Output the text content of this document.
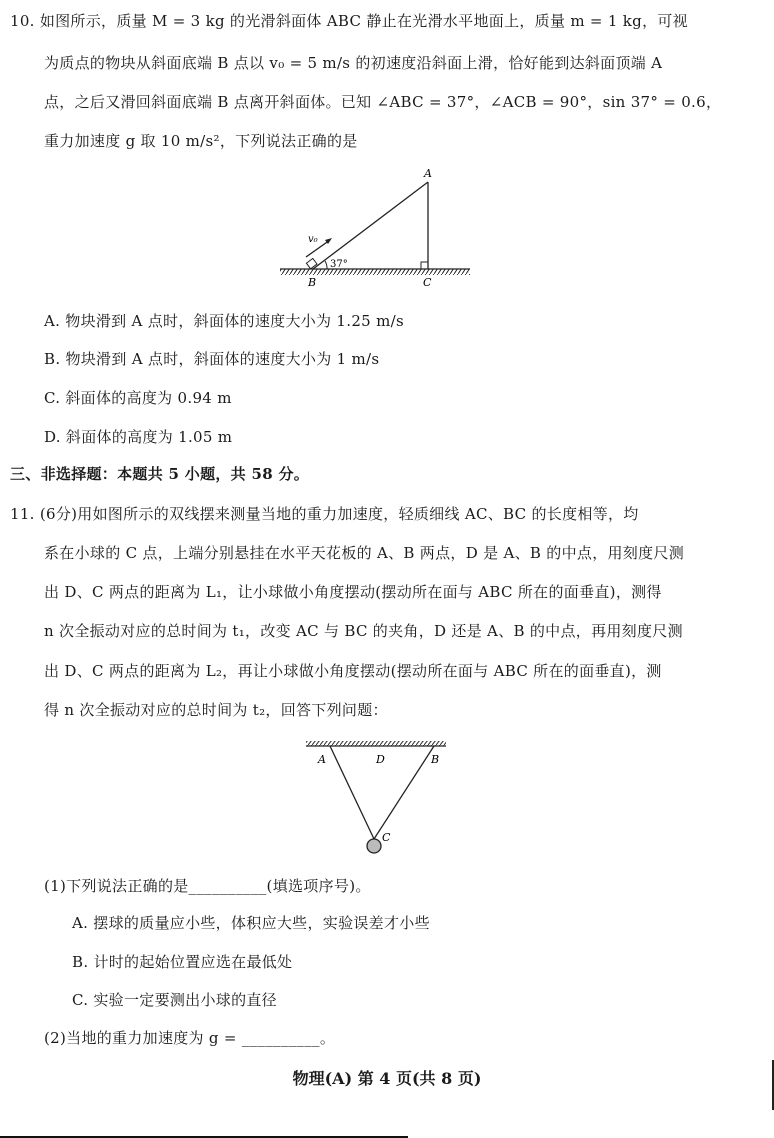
10. 如图所示，质量 M = 3 kg 的光滑斜面体 ABC 静止在光滑水平地面上，质量 m = 1 kg，可视
为质点的物块从斜面底端 B 点以 v₀ = 5 m/s 的初速度沿斜面上滑，恰好能到达斜面顶端 A
点，之后又滑回斜面底端 B 点离开斜面体。已知 ∠ABC = 37°，∠ACB = 90°，sin 37° = 0.6，
重力加速度 g 取 10 m/s²，下列说法正确的是
37°
v₀
A
B	C
A. 物块滑到 A 点时，斜面体的速度大小为 1.25 m/s
B. 物块滑到 A 点时，斜面体的速度大小为 1 m/s
C. 斜面体的高度为 0.94 m
D. 斜面体的高度为 1.05 m
三、非选择题：本题共 5 小题，共 58 分。
11. (6分)用如图所示的双线摆来测量当地的重力加速度，轻质细线 AC、BC 的长度相等，均
系在小球的 C 点，上端分别悬挂在水平天花板的 A、B 两点，D 是 A、B 的中点，用刻度尺测
出 D、C 两点的距离为 L₁，让小球做小角度摆动(摆动所在面与 ABC 所在的面垂直)，测得
n 次全振动对应的总时间为 t₁，改变 AC 与 BC 的夹角，D 还是 A、B 的中点，再用刻度尺测
出 D、C 两点的距离为 L₂，再让小球做小角度摆动(摆动所在面与 ABC 所在的面垂直)，测
得 n 次全振动对应的总时间为 t₂，回答下列问题：
A	D	B
C
(1)下列说法正确的是__________(填选项序号)。
A. 摆球的质量应小些，体积应大些，实验误差才小些
B. 计时的起始位置应选在最低处
C. 实验一定要测出小球的直径
(2)当地的重力加速度为 g = __________。
物理(A) 第 4 页(共 8 页)
